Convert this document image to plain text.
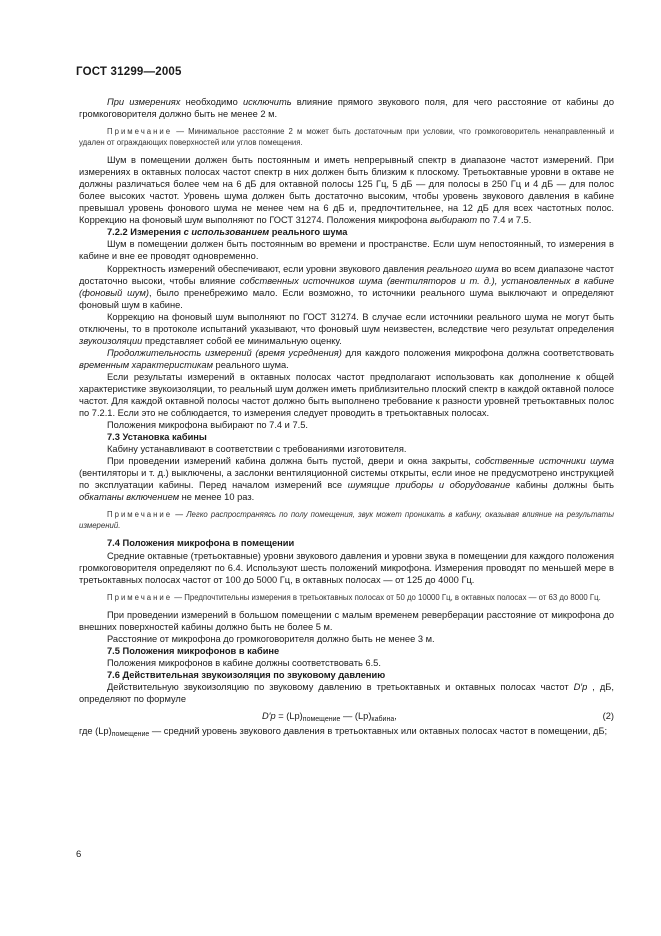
ГОСТ 31299—2005

При измерениях необходимо исключить влияние прямого звукового поля, для чего расстояние от кабины до громкоговорителя должно быть не менее 2 м.

Примечание — Минимальное расстояние 2 м может быть достаточным при условии, что громкоговоритель ненаправленный и удален от ограждающих поверхностей или углов помещения.

Шум в помещении должен быть постоянным и иметь непрерывный спектр в диапазоне частот измерений. При измерениях в октавных полосах частот спектр в них должен быть близким к плоскому. Третьоктавные уровни в октаве не должны различаться более чем на 6 дБ для октавной полосы 125 Гц, 5 дБ — для полосы в 250 Гц и 4 дБ — для полос более высоких частот. Уровень шума должен быть достаточно высоким, чтобы уровень звукового давления в кабине превышал уровень фонового шума не менее чем на 6 дБ и, предпочтительнее, на 12 дБ для всех частотных полос. Коррекцию на фоновый шум выполняют по ГОСТ 31274. Положения микрофона выбирают по 7.4 и 7.5.

7.2.2 Измерения с использованием реального шума

Шум в помещении должен быть постоянным во времени и пространстве. Если шум непостоянный, то измерения в кабине и вне ее проводят одновременно.

Корректность измерений обеспечивают, если уровни звукового давления реального шума во всем диапазоне частот достаточно высоки, чтобы влияние собственных источников шума (вентиляторов и т. д.), установленных в кабине (фоновый шум), было пренебрежимо мало. Если возможно, то источники реального шума выключают и определяют фоновый шум в кабине.

Коррекцию на фоновый шум выполняют по ГОСТ 31274. В случае если источники реального шума не могут быть отключены, то в протоколе испытаний указывают, что фоновый шум неизвестен, вследствие чего результат определения звукоизоляции представляет собой ее минимальную оценку.

Продолжительность измерений (время усреднения) для каждого положения микрофона должна соответствовать временным характеристикам реального шума.

Если результаты измерений в октавных полосах частот предполагают использовать как дополнение к общей характеристике звукоизоляции, то реальный шум должен иметь приблизительно плоский спектр в каждой октавной полосе частот. Для каждой октавной полосы частот должно быть выполнено требование к разности уровней третьоктавных полос по 7.2.1. Если это не соблюдается, то измерения следует проводить в третьоктавных полосах.

Положения микрофона выбирают по 7.4 и 7.5.

7.3 Установка кабины

Кабину устанавливают в соответствии с требованиями изготовителя.

При проведении измерений кабина должна быть пустой, двери и окна закрыты, собственные источники шума (вентиляторы и т. д.) выключены, а заслонки вентиляционной системы открыты, если иное не предусмотрено инструкцией по эксплуатации кабины. Перед началом измерений все шумящие приборы и оборудование кабины должны быть обкатаны включением не менее 10 раз.

Примечание — Легко распространяясь по полу помещения, звук может проникать в кабину, оказывая влияние на результаты измерений.

7.4 Положения микрофона в помещении

Средние октавные (третьоктавные) уровни звукового давления и уровни звука в помещении для каждого положения громкоговорителя определяют по 6.4. Используют шесть положений микрофона. Измерения проводят по меньшей мере в третьоктавных полосах частот от 100 до 5000 Гц, в октавных полосах — от 125 до 4000 Гц.

Примечание — Предпочтительны измерения в третьоктавных полосах от 50 до 10000 Гц, в октавных полосах — от 63 до 8000 Гц.

При проведении измерений в большом помещении с малым временем реверберации расстояние от микрофона до внешних поверхностей кабины должно быть не более 5 м.

Расстояние от микрофона до громкоговорителя должно быть не менее 3 м.

7.5 Положения микрофонов в кабине

Положения микрофонов в кабине должны соответствовать 6.5.

7.6 Действительная звукоизоляция по звуковому давлению

Действительную звукоизоляцию по звуковому давлению в третьоктавных и октавных полосах частот D′p , дБ, определяют по формуле

$D'p = (Lp)_{помещение}$ — $(Lp)_{кабина}$,	(2)

где $(Lp)_{помещение}$ — средний уровень звукового давления в третьоктавных или октавных полосах частот в помещении, дБ;

6
